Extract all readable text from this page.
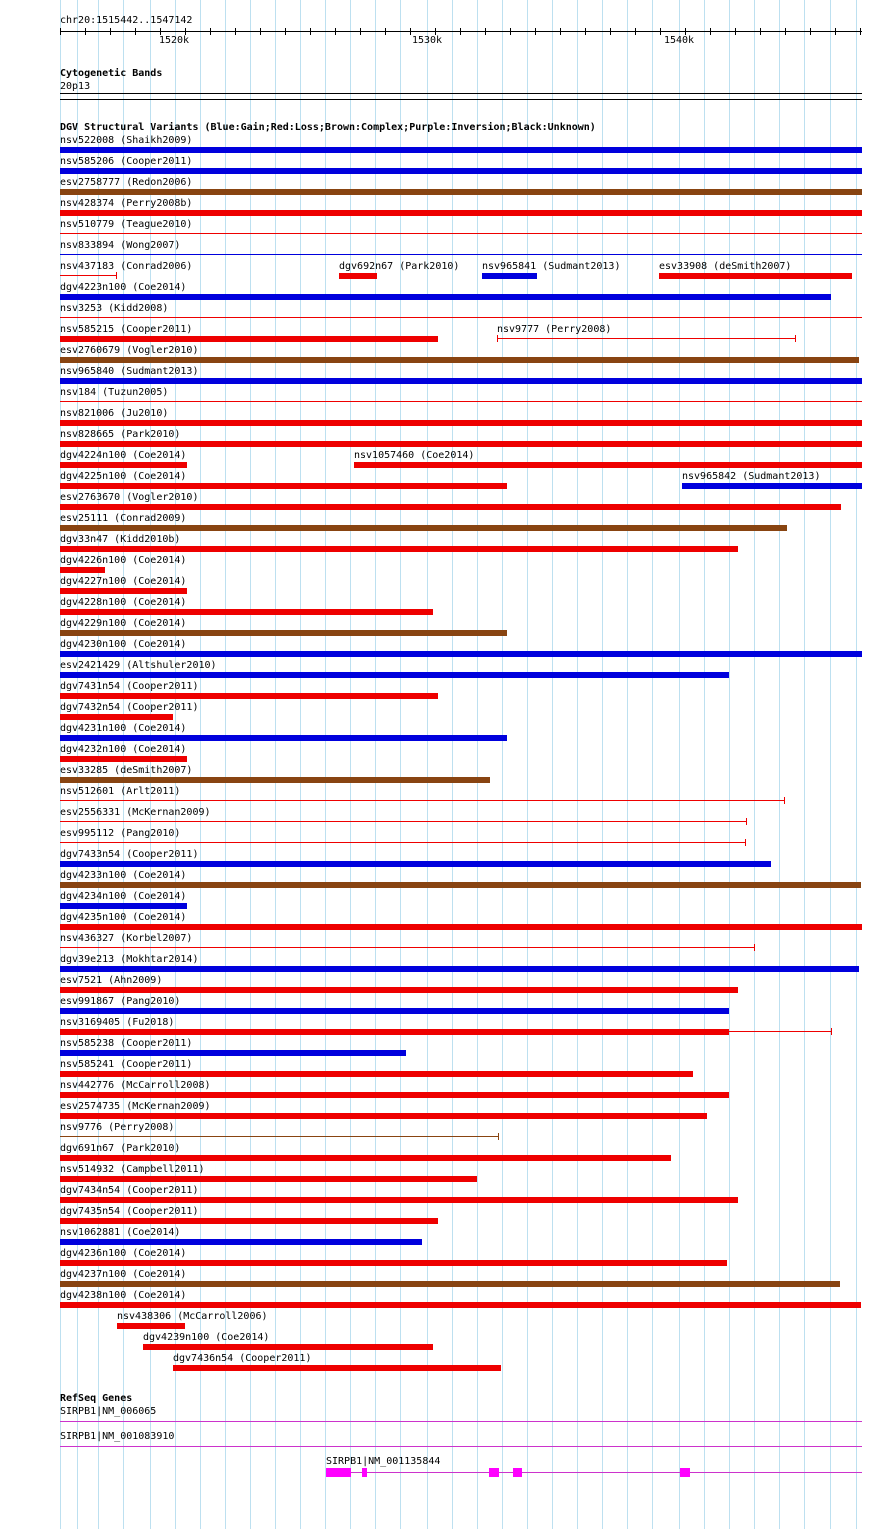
chr20:1515442..1547142
1520k	1530k	1540k
Cytogenetic Bands
20p13
DGV Structural Variants (Blue:Gain;Red:Loss;Brown:Complex;Purple:Inversion;Black:Unknown)
nsv522008 (Shaikh2009)
nsv585206 (Cooper2011)
esv2758777 (Redon2006)
nsv428374 (Perry2008b)
nsv510779 (Teague2010)
nsv833894 (Wong2007)
nsv437183 (Conrad2006)	dgv692n67 (Park2010) nsv965841 (Sudmant2013)	esv33908 (deSmith2007)
dgv4223n100 (Coe2014)
nsv3253 (Kidd2008)
nsv585215 (Cooper2011)	nsv9777 (Perry2008)
esv2760679 (Vogler2010)
nsv965840 (Sudmant2013)
nsv184 (Tuzun2005)
nsv821006 (Ju2010)
nsv828665 (Park2010)
dgv4224n100 (Coe2014)	nsv1057460 (Coe2014)
dgv4225n100 (Coe2014)	nsv965842 (Sudmant2013)
esv2763670 (Vogler2010)
esv25111 (Conrad2009)
dgv33n47 (Kidd2010b)
dgv4226n100 (Coe2014)
dgv4227n100 (Coe2014)
dgv4228n100 (Coe2014)
dgv4229n100 (Coe2014)
dgv4230n100 (Coe2014)
esv2421429 (Altshuler2010)
dgv7431n54 (Cooper2011)
dgv7432n54 (Cooper2011)
dgv4231n100 (Coe2014)
dgv4232n100 (Coe2014)
esv33285 (deSmith2007)
nsv512601 (Arlt2011)
esv2556331 (McKernan2009)
esv995112 (Pang2010)
dgv7433n54 (Cooper2011)
dgv4233n100 (Coe2014)
dgv4234n100 (Coe2014)
dgv4235n100 (Coe2014)
nsv436327 (Korbel2007)
dgv39e213 (Mokhtar2014)
esv7521 (Ahn2009)
esv991867 (Pang2010)
nsv3169405 (Fu2018)
nsv585238 (Cooper2011)
nsv585241 (Cooper2011)
nsv442776 (McCarroll2008)
esv2574735 (McKernan2009)
nsv9776 (Perry2008)
dgv691n67 (Park2010)
nsv514932 (Campbell2011)
dgv7434n54 (Cooper2011)
dgv7435n54 (Cooper2011)
nsv1062881 (Coe2014)
dgv4236n100 (Coe2014)
dgv4237n100 (Coe2014)
dgv4238n100 (Coe2014)
nsv438306 (McCarroll2006)
dgv4239n100 (Coe2014)
dgv7436n54 (Cooper2011)
RefSeq Genes
SIRPB1|NM_006065
SIRPB1|NM_001083910
SIRPB1|NM_001135844
